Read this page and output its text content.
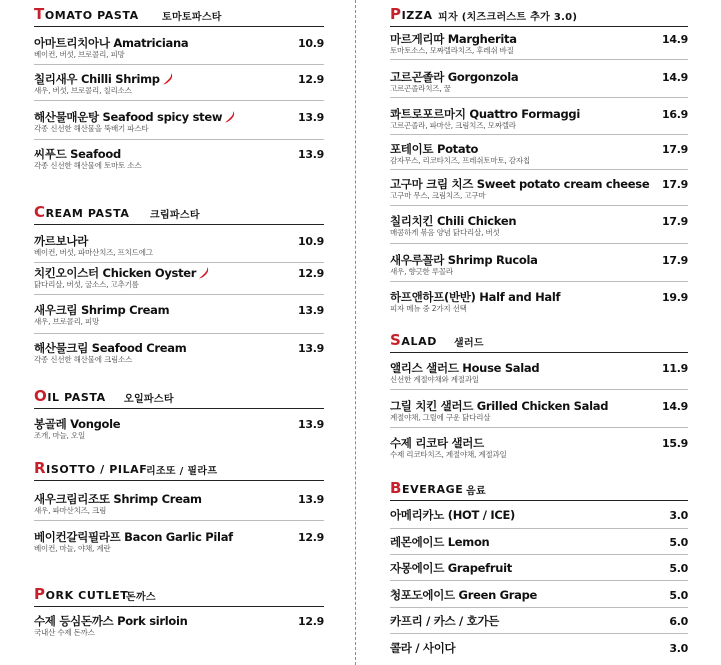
TOMATO PASTA 토마토파스타
아마트리치아나 Amatriciana
베이컨, 버섯, 브로콜리, 피망
10.9
칠리새우 Chilli Shrimp
새우, 버섯, 브로콜리, 칠리소스
12.9
해산물매운탕 Seafood spicy stew
각종 신선한 해산물을 뚝배기 파스타
13.9
씨푸드 Seafood
각종 신선한 해산물에 토마토 소스
13.9
CREAM PASTA 크림파스타
까르보나라
베이컨, 버섯, 파마산치즈, 프치드에그
10.9
치킨오이스터 Chicken Oyster
닭다리살, 버섯, 굴소스, 고추기름
12.9
새우크림 Shrimp Cream
새우, 브로콜리, 피망
13.9
해산물크림 Seafood Cream
각종 신선한 해산물에 크림소스
13.9
OIL PASTA 오일파스타
봉골레 Vongole
조개, 마늘, 오일
13.9
RISOTTO / PILAF
리조또 / 필라프
새우크림리조또 Shrimp Cream
새우, 파마산치즈, 크림
13.9
베이컨갈릭필라프 Bacon Garlic Pilaf
베이컨, 마늘, 야채, 계란
12.9
PORK CUTLET
돈까스
수제 등심돈까스 Pork sirloin
국내산 수제 돈까스
12.9
PIZZA 피자 (치즈크러스트 추가 3.0)
마르게리따 Margherita
토마토소스, 모짜렐라치즈, 후레쉬 바질
14.9
고르곤졸라 Gorgonzola
고르곤졸라치즈, 꿀
14.9
콰트로포르마지 Quattro Formaggi
고르곤졸라, 파마산, 크림치즈, 모짜렐라
16.9
포테이토 Potato
감자무스, 리코타치즈, 프레쉬토마토, 감자칩
17.9
고구마 크림 치즈 Sweet potato cream cheese
고구마 무스, 크림치즈, 고구마
17.9
칠리치킨 Chili Chicken
매콤하게 볶음 양념 닭다리살, 버섯
17.9
새우루꼴라 Shrimp Rucola
새우, 향긋한 루꼴라
17.9
하프앤하프(반반) Half and Half
피자 메뉴 중 2가지 선택
19.9
SALAD 샐러드
앨리스 샐러드 House Salad
신선한 계절야채와 계절과일
11.9
그릴 치킨 샐러드 Grilled Chicken Salad
계절야채, 그릴에 구운 닭다리살
14.9
수제 리코타 샐러드
수제 리코타치즈, 계절야채, 계절과일
15.9
BEVERAGE 음료
아메리카노 (HOT / ICE)	3.0
레몬에이드 Lemon	5.0
자몽에이드 Grapefruit	5.0
청포도에이드 Green Grape	5.0
카프리 / 카스 / 호가든	6.0
콜라 / 사이다	3.0
